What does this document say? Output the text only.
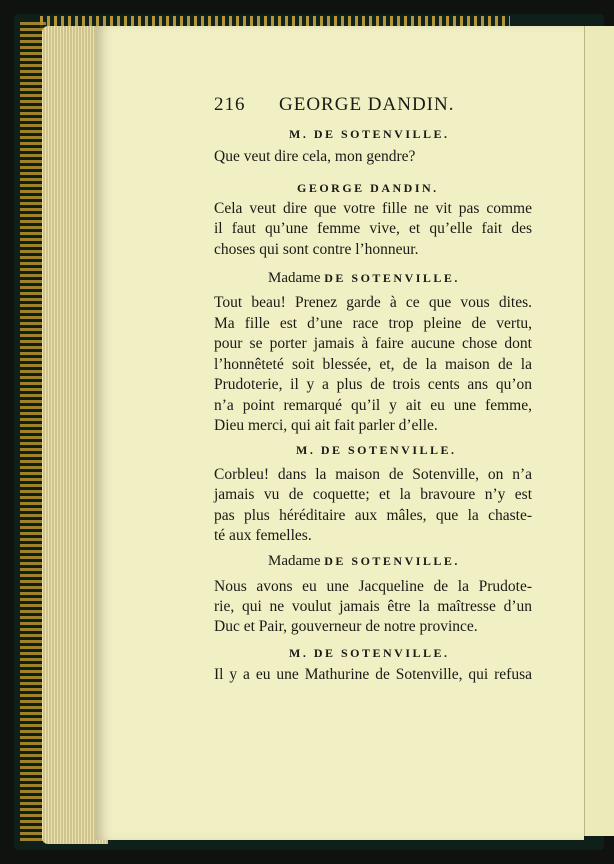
216 GEORGE DANDIN.
M. DE SOTENVILLE.
Que veut dire cela, mon gendre?
GEORGE DANDIN.
Cela veut dire que votre fille ne vit pas comme
il faut qu’une femme vive, et qu’elle fait des
choses qui sont contre l’honneur.
Madame DE SOTENVILLE.
Tout beau! Prenez garde à ce que vous dites.
Ma fille est d’une race trop pleine de vertu,
pour se porter jamais à faire aucune chose dont
l’honnêteté soit blessée, et, de la maison de la
Prudoterie, il y a plus de trois cents ans qu’on
n’a point remarqué qu’il y ait eu une femme,
Dieu merci, qui ait fait parler d’elle.
M. DE SOTENVILLE.
Corbleu! dans la maison de Sotenville, on n’a
jamais vu de coquette; et la bravoure n’y est
pas plus héréditaire aux mâles, que la chaste-
té aux femelles.
Madame DE SOTENVILLE.
Nous avons eu une Jacqueline de la Prudote-
rie, qui ne voulut jamais être la maîtresse d’un
Duc et Pair, gouverneur de notre province.
M. DE SOTENVILLE.
Il y a eu une Mathurine de Sotenville, qui refusa
